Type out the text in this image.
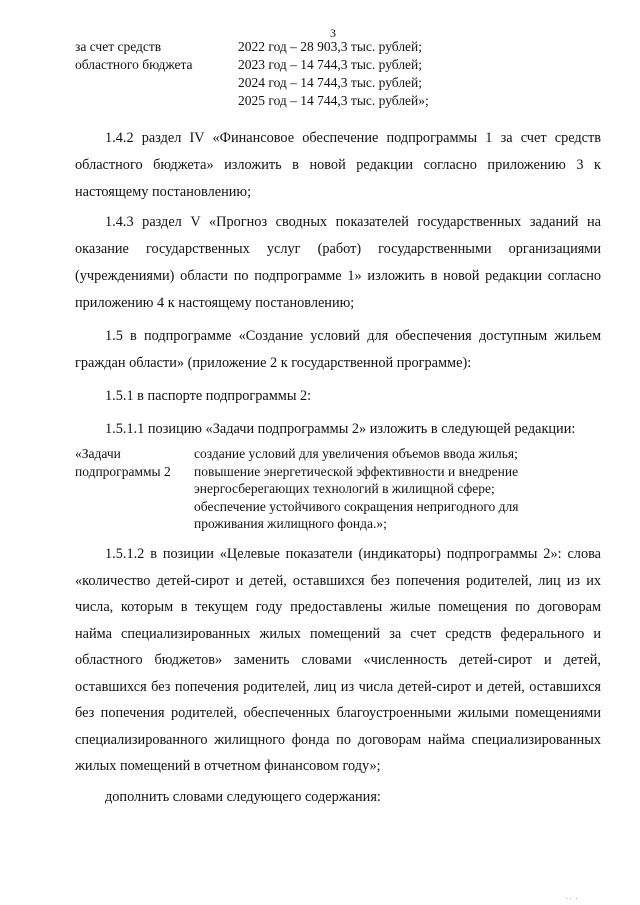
3
за счет средств
областного бюджета
2022 год – 28 903,3 тыс. рублей;
2023 год – 14 744,3 тыс. рублей;
2024 год – 14 744,3 тыс. рублей;
2025 год – 14 744,3 тыс. рублей»;

1.4.2 раздел IV «Финансовое обеспечение подпрограммы 1 за счет средств областного бюджета» изложить в новой редакции согласно приложению 3 к настоящему постановлению;

1.4.3 раздел V «Прогноз сводных показателей государственных заданий на оказание государственных услуг (работ) государственными организациями (учреждениями) области по подпрограмме 1» изложить в новой редакции согласно приложению 4 к настоящему постановлению;

1.5 в подпрограмме «Создание условий для обеспечения доступным жильем граждан области» (приложение 2 к государственной программе):

1.5.1 в паспорте подпрограммы 2:

1.5.1.1 позицию «Задачи подпрограммы 2» изложить в следующей редакции:

«Задачи
подпрограммы 2
создание условий для увеличения объемов ввода жилья;
повышение энергетической эффективности и внедрение
энергосберегающих технологий в жилищной сфере;
обеспечение устойчивого сокращения непригодного для
проживания жилищного фонда.»;

1.5.1.2 в позиции «Целевые показатели (индикаторы) подпрограммы 2»: слова «количество детей-сирот и детей, оставшихся без попечения родителей, лиц из их числа, которым в текущем году предоставлены жилые помещения по договорам найма специализированных жилых помещений за счет средств федерального и областного бюджетов» заменить словами «численность детей-сирот и детей, оставшихся без попечения родителей, лиц из числа детей-сирот и детей, оставшихся без попечения родителей, обеспеченных благоустроенными жилыми помещениями специализированного жилищного фонда по договорам найма специализированных жилых помещений в отчетном финансовом году»;

дополнить словами следующего содержания:

·· ·
